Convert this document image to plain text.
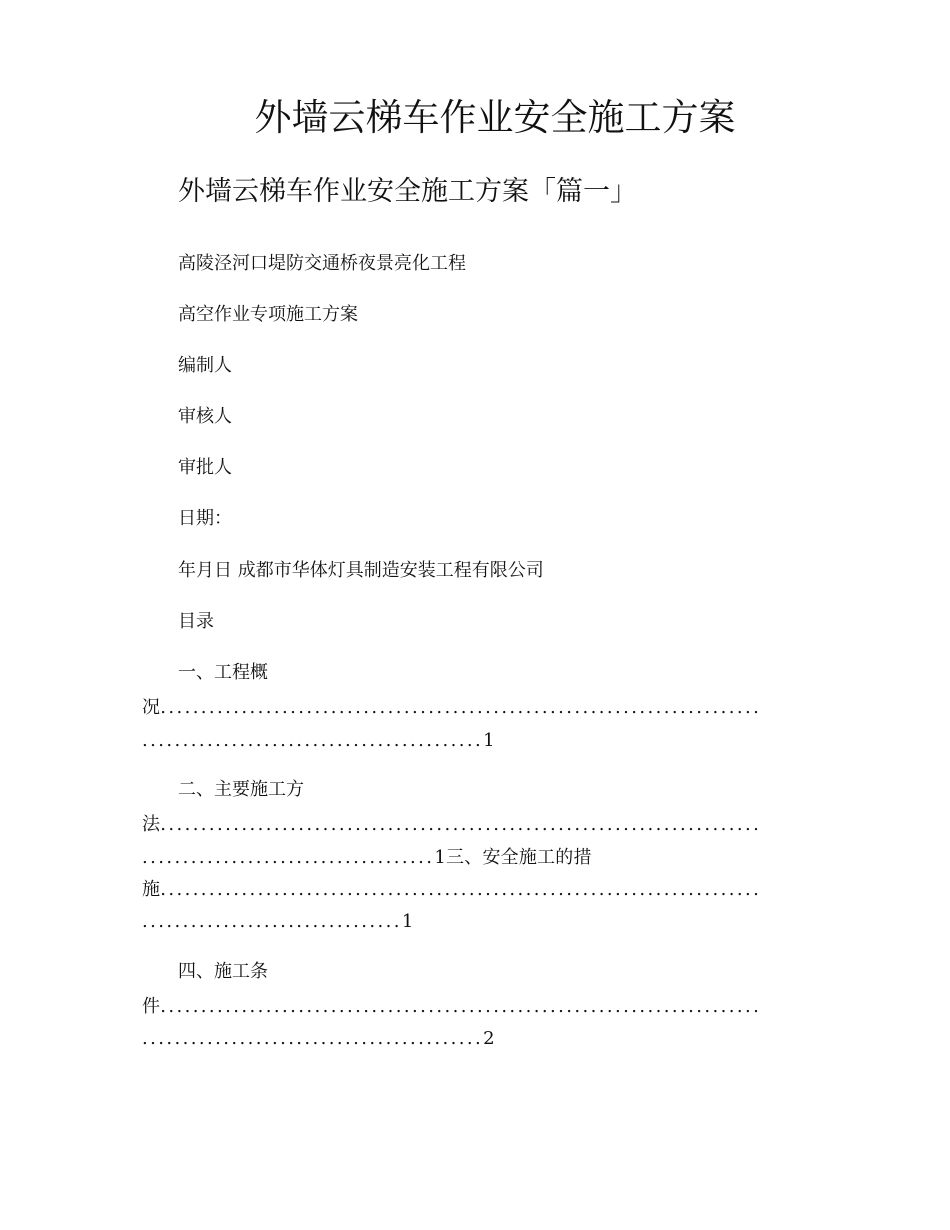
外墙云梯车作业安全施工方案
外墙云梯车作业安全施工方案「篇一」

高陵泾河口堤防交通桥夜景亮化工程

高空作业专项施工方案

编制人

审核人

审批人

日期：

年月日 成都市华体灯具制造安装工程有限公司

目录

一、工程概

况..........................................................................

..........................................1

二、主要施工方

法..........................................................................

....................................1三、安全施工的措

施..........................................................................

................................1

四、施工条

件..........................................................................

..........................................2
